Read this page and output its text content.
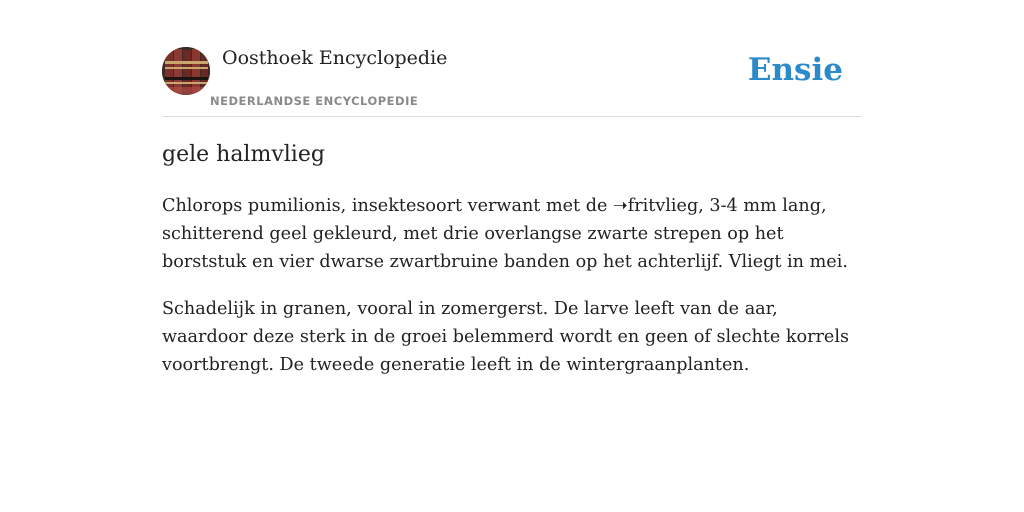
Oosthoek Encyclopedie
NEDERLANDSE ENCYCLOPEDIE
Ensie
gele halmvlieg

Chlorops pumilionis, insektesoort verwant met de ➝fritvlieg, 3-4 mm lang, schitterend geel gekleurd, met drie overlangse zwarte strepen op het borststuk en vier dwarse zwartbruine banden op het achterlijf. Vliegt in mei.

Schadelijk in granen, vooral in zomergerst. De larve leeft van de aar, waardoor deze sterk in de groei belemmerd wordt en geen of slechte korrels voortbrengt. De tweede generatie leeft in de wintergraanplanten.
